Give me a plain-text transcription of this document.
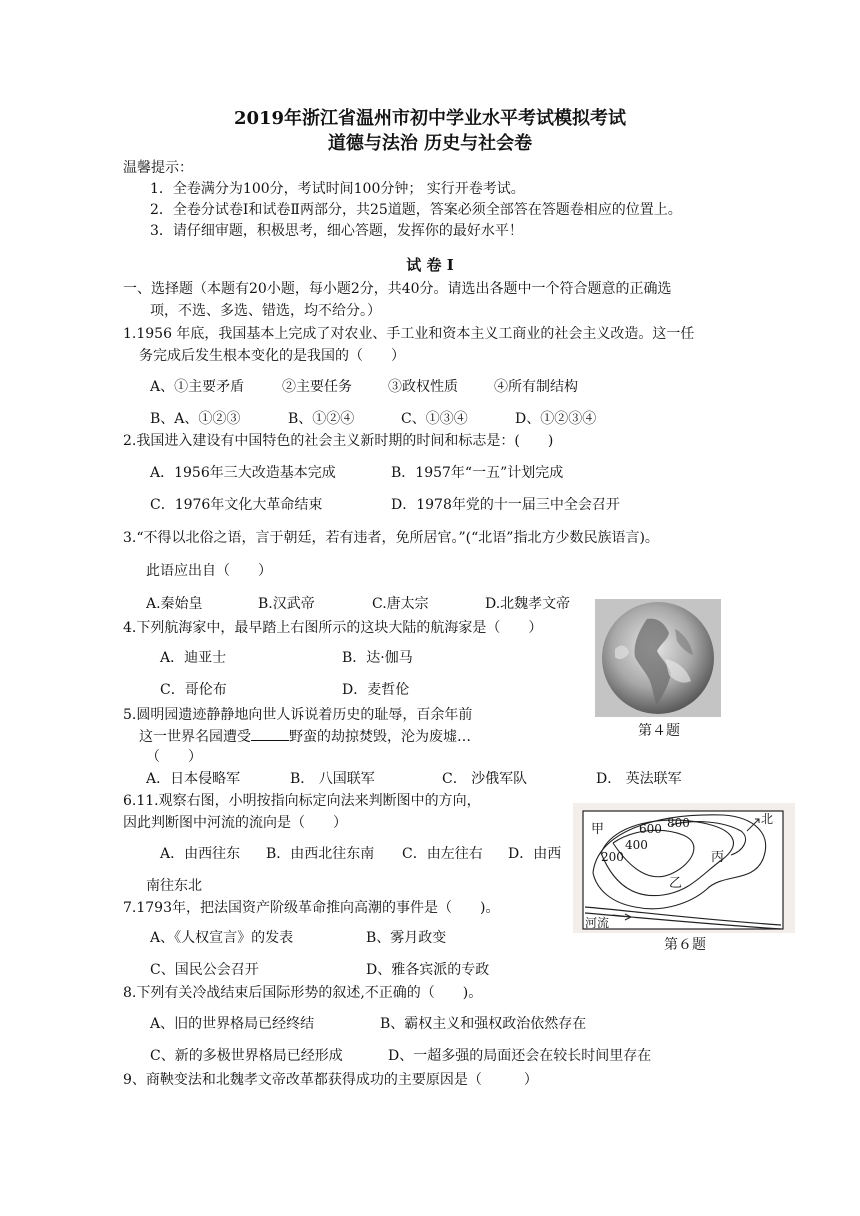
2019年浙江省温州市初中学业水平考试模拟考试
道德与法治 历史与社会卷
温馨提示：
1．全卷满分为100分，考试时间100分钟； 实行开卷考试。
2．全卷分试卷Ⅰ和试卷Ⅱ两部分，共25道题，答案必须全部答在答题卷相应的位置上。
3．请仔细审题，积极思考，细心答题，发挥你的最好水平！
试 卷 Ⅰ
一、选择题（本题有20小题，每小题2分，共40分。请选出各题中一个符合题意的正确选
项，不选、多选、错选，均不给分。）
1.1956 年底，我国基本上完成了对农业、手工业和资本主义工商业的社会主义改造。这一任
务完成后发生根本变化的是我国的（　　）
A、①主要矛盾	②主要任务	③政权性质	④所有制结构
B、A、①②③	B、①②④	C、①③④	D、①②③④
2.我国进入建设有中国特色的社会主义新时期的时间和标志是：(　　)
A．1956年三大改造基本完成	B．1957年“一五”计划完成
C．1976年文化大革命结束	D．1978年党的十一届三中全会召开
3.“不得以北俗之语，言于朝廷，若有违者，免所居官。”(“北语”指北方少数民族语言)。
此语应出自（　　）
A.秦始皇	B.汉武帝	C.唐太宗	D.北魏孝文帝
4.下列航海家中，最早踏上右图所示的这块大陆的航海家是（　　）
A．迪亚士	B．达·伽马
C．哥伦布	D．麦哲伦
第４题
5.圆明园遗迹静静地向世人诉说着历史的耻辱，百余年前
这一世界名园遭受	野蛮的劫掠焚毁，沦为废墟…
（　　）
A．日本侵略军	B． 八国联军	C． 沙俄军队	D． 英法联军
6.11.观察右图，小明按指向标定向法来判断图中的方向，
因此判断图中河流的流向是（　　）
A．由西往东 B．由西北往东南 C．由左往右 D．由西
南往东北
北
甲
乙
丙
河流
200
400
600 800
第６题
7.1793年，把法国资产阶级革命推向高潮的事件是（　　)。
A、《人权宣言》的发表	B、雾月政变
C、国民公会召开	D、雅各宾派的专政
8.下列有关冷战结束后国际形势的叙述,不正确的（　　)。
A、旧的世界格局已经终结	B、霸权主义和强权政治依然存在
C、新的多极世界格局已经形成	D、一超多强的局面还会在较长时间里存在
9、商鞅变法和北魏孝文帝改革都获得成功的主要原因是（　　　）
